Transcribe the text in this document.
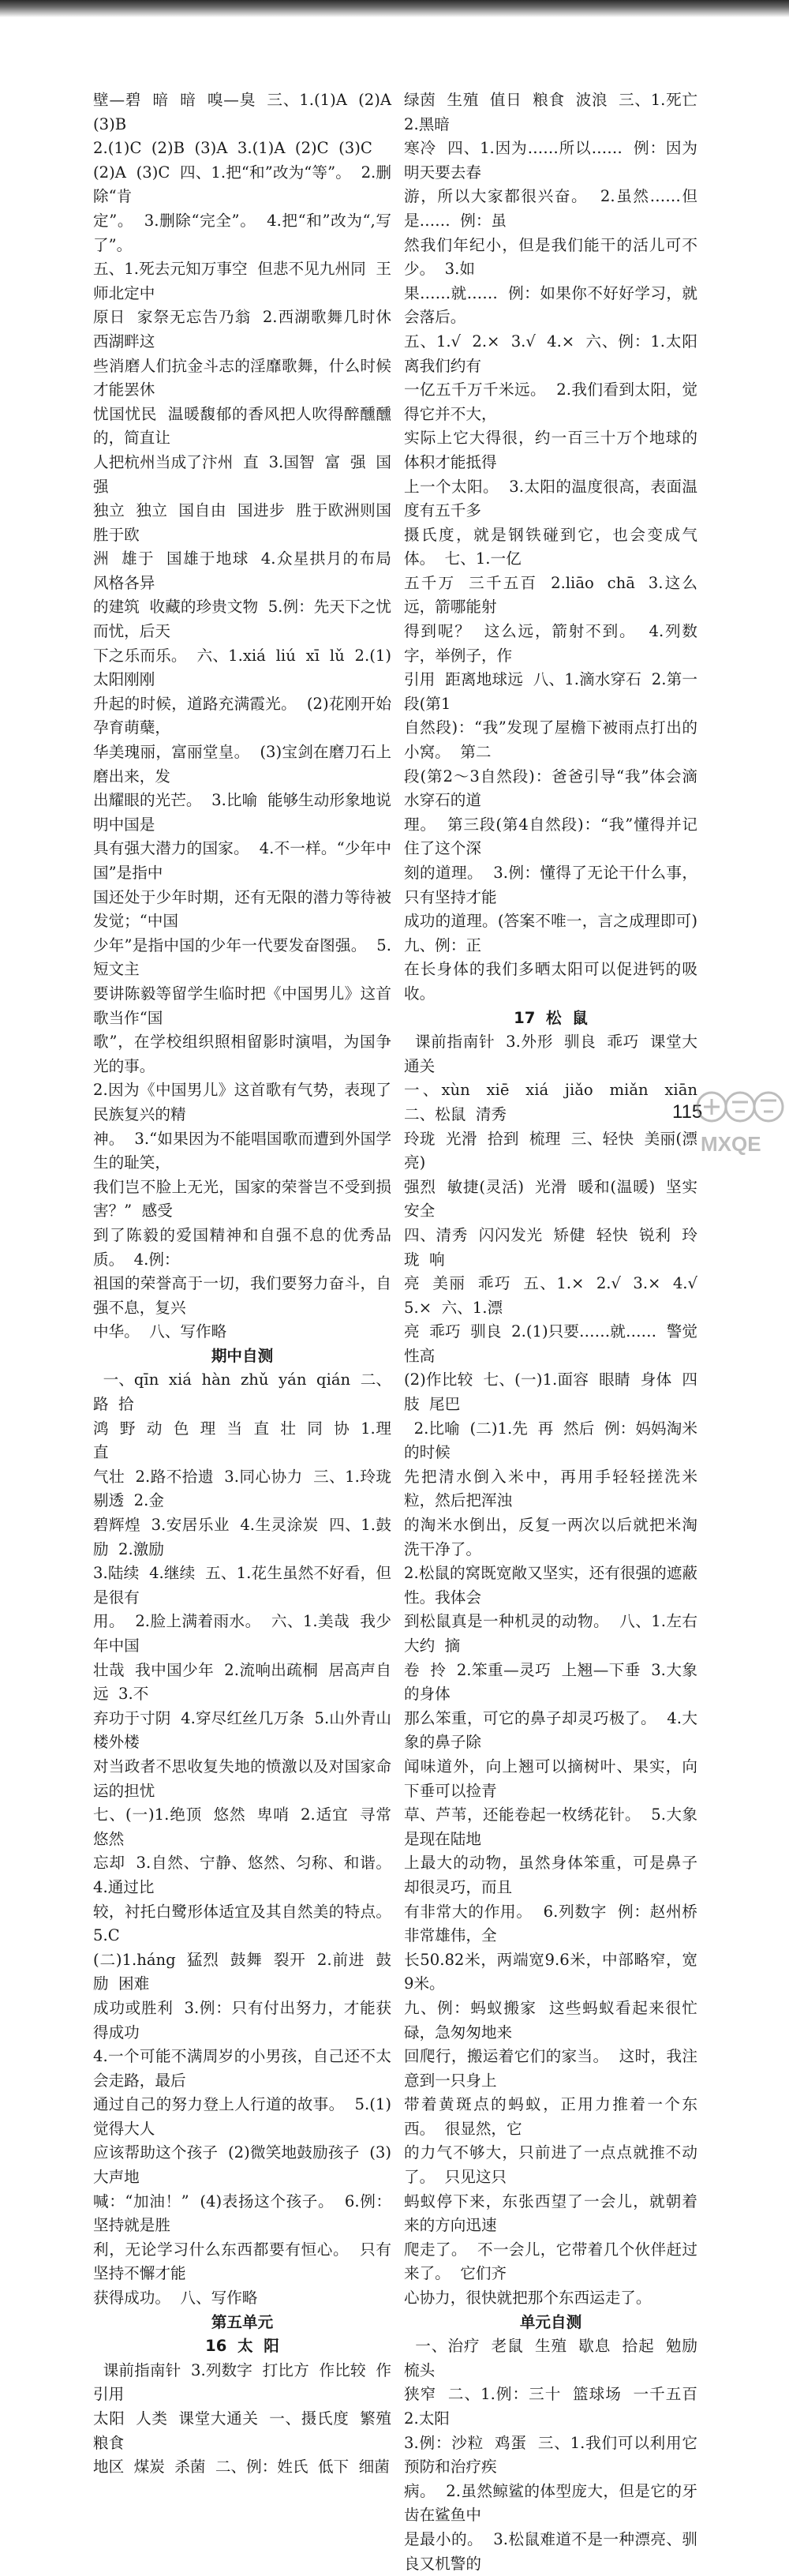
壁—碧  暗  暗  嗅—臭  三、1.(1)A  (2)A  (3)B

2.(1)C  (2)B  (3)A  3.(1)A  (2)C  (3)C

(2)A  (3)C  四、1.把“和”改为“等”。  2.删除“肯

定”。  3.删除“完全”。  4.把“和”改为“,写了”。

五、1.死去元知万事空  但悲不见九州同  王师北定中

原日  家祭无忘告乃翁  2.西湖歌舞几时休  西湖畔这

些消磨人们抗金斗志的淫靡歌舞，什么时候才能罢休

忧国忧民  温暖馥郁的香风把人吹得醉醺醺的，简直让

人把杭州当成了汴州  直  3.国智  富  强  国强

独立  独立  国自由  国进步  胜于欧洲则国胜于欧

洲  雄于  国雄于地球  4.众星拱月的布局  风格各异

的建筑  收藏的珍贵文物  5.例：先天下之忧而忧，后天

下之乐而乐。  六、1.xiá  liú  xī  lǔ  2.(1)太阳刚刚

升起的时候，道路充满霞光。  (2)花刚开始孕育萌蘖，

华美瑰丽，富丽堂皇。  (3)宝剑在磨刀石上磨出来，发

出耀眼的光芒。  3.比喻  能够生动形象地说明中国是

具有强大潜力的国家。  4.不一样。“少年中国”是指中

国还处于少年时期，还有无限的潜力等待被发觉；“中国

少年”是指中国的少年一代要发奋图强。  5.短文主

要讲陈毅等留学生临时把《中国男儿》这首歌当作“国

歌”，在学校组织照相留影时演唱，为国争光的事。

2.因为《中国男儿》这首歌有气势，表现了民族复兴的精

神。  3.“如果因为不能唱国歌而遭到外国学生的耻笑，

我们岂不脸上无光，国家的荣誉岂不受到损害？”  感受

到了陈毅的爱国精神和自强不息的优秀品质。  4.例：

祖国的荣誉高于一切，我们要努力奋斗，自强不息，复兴

中华。  八、写作略

期中自测

一、qīn  xiá  hàn  zhǔ  yán  qián  二、路  拾

鸿  野  动  色  理  当  直  壮  同  协  1.理直

气壮  2.路不拾遗  3.同心协力  三、1.玲珑剔透  2.金

碧辉煌  3.安居乐业  4.生灵涂炭  四、1.鼓励  2.激励

3.陆续  4.继续  五、1.花生虽然不好看，但是很有

用。  2.脸上满着雨水。  六、1.美哉  我少年中国

壮哉  我中国少年  2.流响出疏桐  居高声自远  3.不

弃功于寸阴  4.穿尽红丝几万条  5.山外青山楼外楼

对当政者不思收复失地的愤激以及对国家命运的担忧

七、(一)1.绝顶  悠然  卑哨  2.适宜  寻常  悠然

忘却  3.自然、宁静、悠然、匀称、和谐。  4.通过比

较，衬托白鹭形体适宜及其自然美的特点。  5.C

(二)1.háng  猛烈  鼓舞  裂开  2.前进  鼓励  困难

成功或胜利  3.例：只有付出努力，才能获得成功

4.一个可能不满周岁的小男孩，自己还不太会走路，最后

通过自己的努力登上人行道的故事。  5.(1)觉得大人

应该帮助这个孩子  (2)微笑地鼓励孩子  (3)大声地

喊：“加油！”  (4)表扬这个孩子。  6.例：坚持就是胜

利，无论学习什么东西都要有恒心。  只有坚持不懈才能

获得成功。  八、写作略

第五单元

16  太  阳

课前指南针  3.列数字  打比方  作比较  作引用

太阳  人类  课堂大通关  一、摄氏度  繁殖  粮食

地区  煤炭  杀菌  二、例：姓氏  低下  细菌

绿茵  生殖  值日  粮食  波浪  三、1.死亡  2.黑暗

寒冷  四、1.因为……所以……  例：因为明天要去春

游，所以大家都很兴奋。  2.虽然……但是……  例：虽

然我们年纪小，但是我们能干的活儿可不少。  3.如

果……就……  例：如果你不好好学习，就会落后。

五、1.√  2.×  3.√  4.×  六、例：1.太阳离我们约有

一亿五千万千米远。  2.我们看到太阳，觉得它并不大，

实际上它大得很，约一百三十万个地球的体积才能抵得

上一个太阳。  3.太阳的温度很高，表面温度有五千多

摄氏度，就是钢铁碰到它，也会变成气体。  七、1.一亿

五千万  三千五百  2.liāo  chā  3.这么远，箭哪能射

得到呢？  这么远，箭射不到。  4.列数字，举例子，作

引用  距离地球远  八、1.滴水穿石  2.第一段(第1

自然段)：“我”发现了屋檐下被雨点打出的小窝。  第二

段(第2～3自然段)：爸爸引导“我”体会滴水穿石的道

理。  第三段(第4自然段)：“我”懂得并记住了这个深

刻的道理。  3.例：懂得了无论干什么事，只有坚持才能

成功的道理。(答案不唯一，言之成理即可)  九、例：正

在长身体的我们多晒太阳可以促进钙的吸收。

17  松  鼠

课前指南针  3.外形  驯良  乖巧  课堂大通关

一、xùn  xiē  xiá  jiǎo  miǎn  xiān  二、松鼠  清秀

玲珑  光滑  拾到  梳理  三、轻快  美丽(漂亮)

强烈  敏捷(灵活)  光滑  暖和(温暖)  坚实  安全

四、清秀  闪闪发光  矫健  轻快  锐利  玲珑  响

亮  美丽  乖巧  五、1.×  2.√  3.×  4.√  5.×  六、1.漂

亮  乖巧  驯良  2.(1)只要……就……  警觉性高

(2)作比较  七、(一)1.面容  眼睛  身体  四肢  尾巴

2.比喻  (二)1.先  再  然后  例：妈妈淘米的时候

先把清水倒入米中，再用手轻轻搓洗米粒，然后把浑浊

的淘米水倒出，反复一两次以后就把米淘洗干净了。

2.松鼠的窝既宽敞又坚实，还有很强的遮蔽性。我体会

到松鼠真是一种机灵的动物。  八、1.左右  大约  摘

卷  拎  2.笨重—灵巧  上翘—下垂  3.大象的身体

那么笨重，可它的鼻子却灵巧极了。  4.大象的鼻子除

闻味道外，向上翘可以摘树叶、果实，向下垂可以捡青

草、芦苇，还能卷起一枚绣花针。  5.大象是现在陆地

上最大的动物，虽然身体笨重，可是鼻子却很灵巧，而且

有非常大的作用。  6.列数字  例：赵州桥非常雄伟，全

长50.82米，两端宽9.6米，中部略窄，宽9米。

九、例：蚂蚁搬家  这些蚂蚁看起来很忙碌，急匆匆地来

回爬行，搬运着它们的家当。  这时，我注意到一只身上

带着黄斑点的蚂蚁，正用力推着一个东西。  很显然，它

的力气不够大，只前进了一点点就推不动了。  只见这只

蚂蚁停下来，东张西望了一会儿，就朝着来的方向迅速

爬走了。  不一会儿，它带着几个伙伴赶过来了。  它们齐

心协力，很快就把那个东西运走了。

单元自测

一、治疗  老鼠  生殖  歇息  拾起  勉励  梳头

狭窄  二、1.例：三十  篮球场  一千五百  2.太阳

3.例：沙粒  鸡蛋  三、1.我们可以利用它预防和治疗疾

病。  2.虽然鲸鲨的体型庞大，但是它的牙齿在鲨鱼中

是最小的。  3.松鼠难道不是一种漂亮、驯良又机警的

115
MXQE
